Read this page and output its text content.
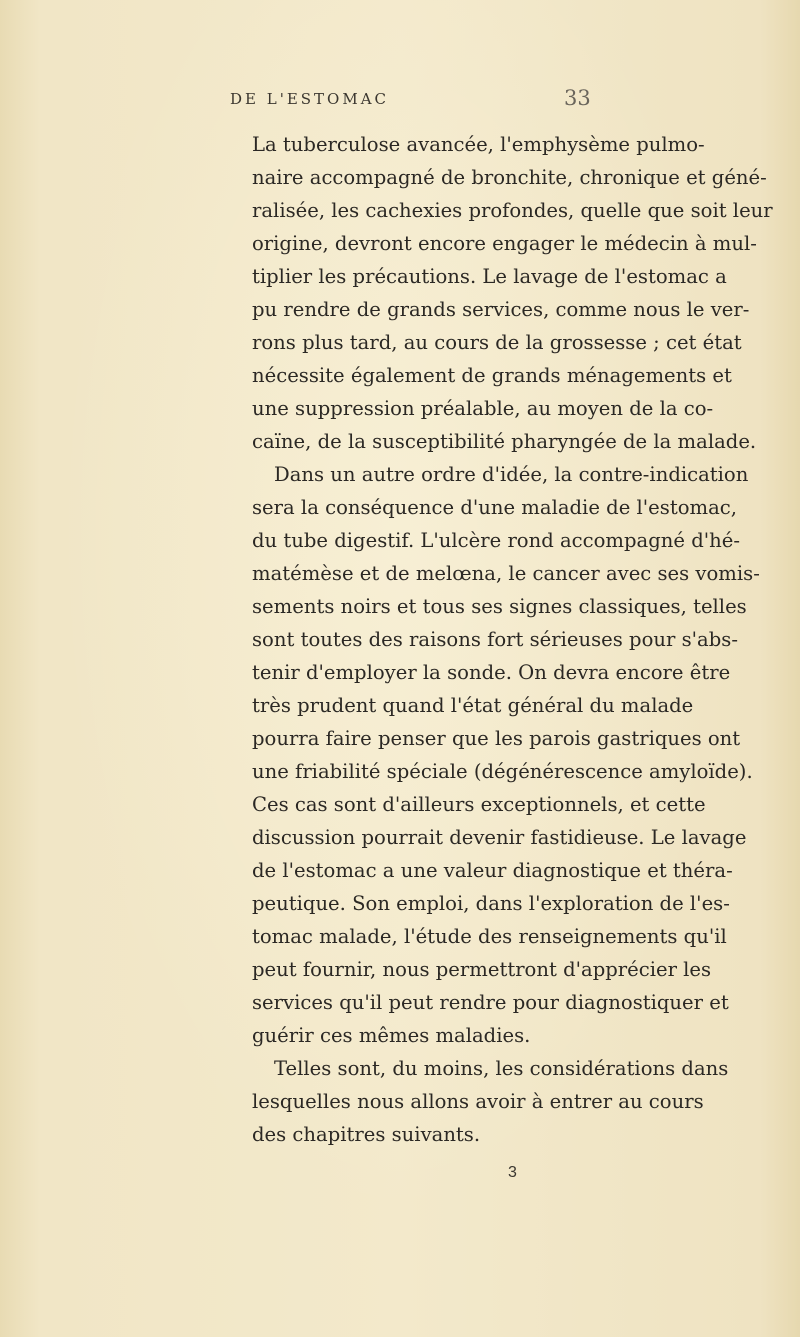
DE L'ESTOMAC	33
La tuberculose avancée, l'emphysème pulmo-
naire accompagné de bronchite, chronique et géné-
ralisée, les cachexies profondes, quelle que soit leur
origine, devront encore engager le médecin à mul-
tiplier les précautions. Le lavage de l'estomac a
pu rendre de grands services, comme nous le ver-
rons plus tard, au cours de la grossesse ; cet état
nécessite également de grands ménagements et
une suppression préalable, au moyen de la co-
caïne, de la susceptibilité pharyngée de la malade.
Dans un autre ordre d'idée, la contre-indication
sera la conséquence d'une maladie de l'estomac,
du tube digestif. L'ulcère rond accompagné d'hé-
matémèse et de melœna, le cancer avec ses vomis-
sements noirs et tous ses signes classiques, telles
sont toutes des raisons fort sérieuses pour s'abs-
tenir d'employer la sonde. On devra encore être
très prudent quand l'état général du malade
pourra faire penser que les parois gastriques ont
une friabilité spéciale (dégénérescence amyloïde).
Ces cas sont d'ailleurs exceptionnels, et cette
discussion pourrait devenir fastidieuse. Le lavage
de l'estomac a une valeur diagnostique et théra-
peutique. Son emploi, dans l'exploration de l'es-
tomac malade, l'étude des renseignements qu'il
peut fournir, nous permettront d'apprécier les
services qu'il peut rendre pour diagnostiquer et
guérir ces mêmes maladies.
Telles sont, du moins, les considérations dans
lesquelles nous allons avoir à entrer au cours
des chapitres suivants.
3
